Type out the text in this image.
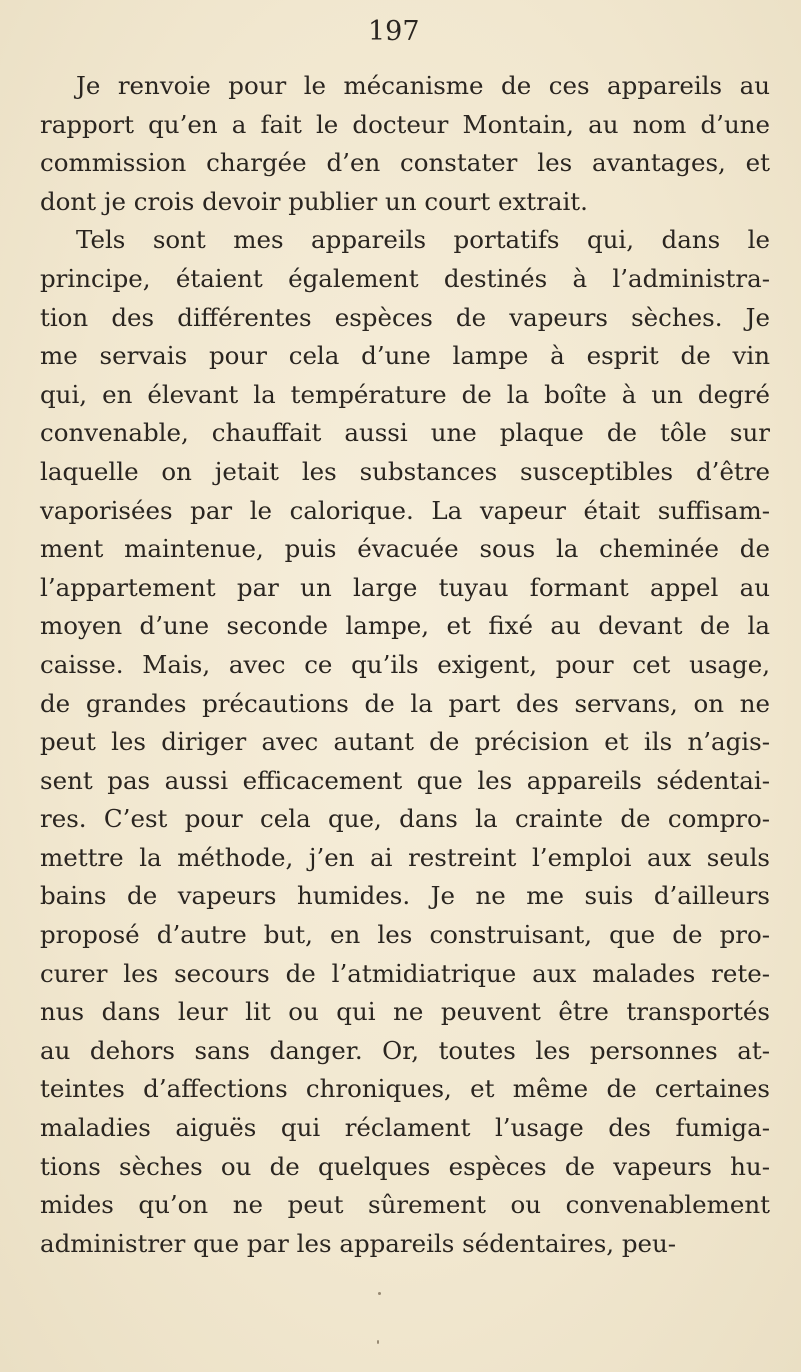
197
Je renvoie pour le mécanisme de ces appareils au
rapport qu’en a fait le docteur Montain, au nom d’une
commission chargée d’en constater les avantages, et
dont je crois devoir publier un court extrait.
Tels sont mes appareils portatifs qui, dans le
principe, étaient également destinés à l’administra-
tion des différentes espèces de vapeurs sèches. Je
me servais pour cela d’une lampe à esprit de vin
qui, en élevant la température de la boîte à un degré
convenable, chauffait aussi une plaque de tôle sur
laquelle on jetait les substances susceptibles d’être
vaporisées par le calorique. La vapeur était suffisam-
ment maintenue, puis évacuée sous la cheminée de
l’appartement par un large tuyau formant appel au
moyen d’une seconde lampe, et fixé au devant de la
caisse. Mais, avec ce qu’ils exigent, pour cet usage,
de grandes précautions de la part des servans, on ne
peut les diriger avec autant de précision et ils n’agis-
sent pas aussi efficacement que les appareils sédentai-
res. C’est pour cela que, dans la crainte de compro-
mettre la méthode, j’en ai restreint l’emploi aux seuls
bains de vapeurs humides. Je ne me suis d’ailleurs
proposé d’autre but, en les construisant, que de pro-
curer les secours de l’atmidiatrique aux malades rete-
nus dans leur lit ou qui ne peuvent être transportés
au dehors sans danger. Or, toutes les personnes at-
teintes d’affections chroniques, et même de certaines
maladies aiguës qui réclament l’usage des fumiga-
tions sèches ou de quelques espèces de vapeurs hu-
mides qu’on ne peut sûrement ou convenablement
administrer que par les appareils sédentaires, peu-
